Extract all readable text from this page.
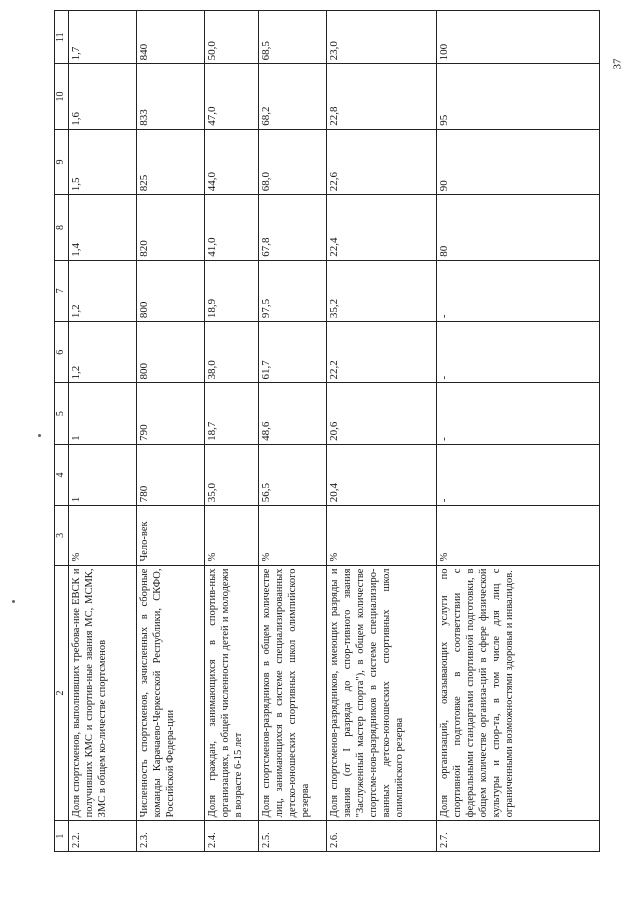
37
1	2	3	4	5	6	7	8	9	10	11
2.2.	Доля спортсменов, выполнивших требова-ние ЕВСК и получивших КМС и спортив-ные звания МС, МСМК, ЗМС в общем ко-личестве спортсменов	%	1	1	1,2	1,2	1,4	1,5	1,6	1,7
2.3.	Численность спортсменов, зачисленных в сборные команды Карачаево-Черкесской Республики, СКФО, Российской Федера-ции	Чело-век	780	790	800	800	820	825	833	840
2.4.	Доля граждан, занимающихся в спортив-ных организациях, в общей численности детей и молодежи в возрасте 6-15 лет	%	35,0	18,7	38,0	18,9	41,0	44,0	47,0	50,0
2.5.	Доля спортсменов-разрядников в общем количестве лиц, занимающихся в системе специализированных детско-юношеских спортивных школ олимпийского резерва	%	56,5	48,6	61,7	97,5	67,8	68,0	68,2	68,5
2.6.	Доля спортсменов-разрядников, имеющих разряды и звания (от I разряда до спор-тивного звания "Заслуженный мастер спорта"), в общем количестве спортсме-нов-разрядников в системе специализиро-ванных детско-юношеских спортивных школ олимпийского резерва	%	20,4	20,6	22,2	35,2	22,4	22,6	22,8	23,0
2.7.	Доля организаций, оказывающих услуги по спортивной подготовке в соответствии с федеральными стандартами спортивной подготовки, в общем количестве организа-ций в сфере физической культуры и спор-та, в том числе для лиц с ограниченными возможностями здоровья и инвалидов.	%	-	-	-	-	80	90	95	100
